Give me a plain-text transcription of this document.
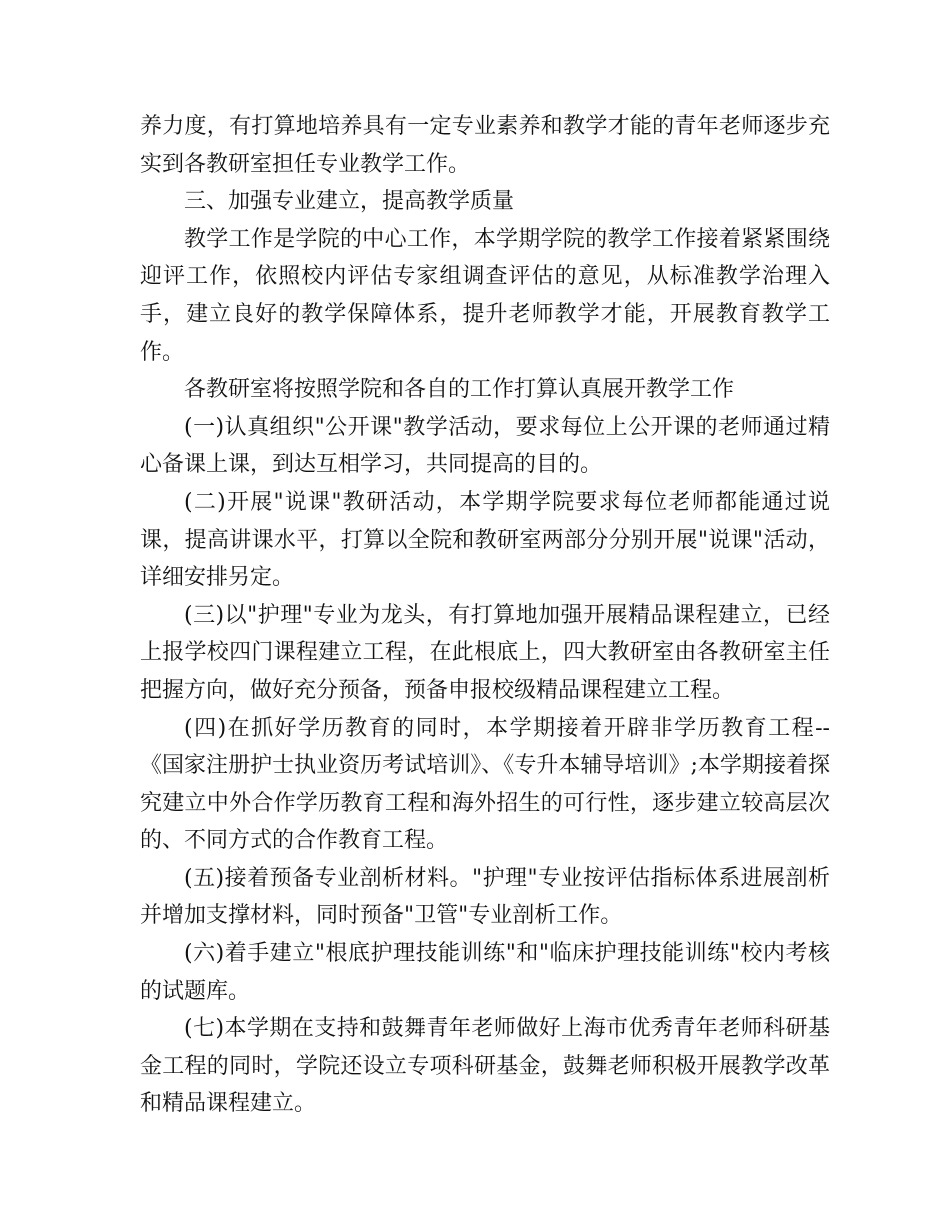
养力度，有打算地培养具有一定专业素养和教学才能的青年老师逐步充实到各教研室担任专业教学工作。

三、加强专业建立，提高教学质量

教学工作是学院的中心工作，本学期学院的教学工作接着紧紧围绕迎评工作，依照校内评估专家组调查评估的意见，从标准教学治理入手，建立良好的教学保障体系，提升老师教学才能，开展教育教学工作。

各教研室将按照学院和各自的工作打算认真展开教学工作

(一)认真组织"公开课"教学活动，要求每位上公开课的老师通过精心备课上课，到达互相学习，共同提高的目的。

(二)开展"说课"教研活动，本学期学院要求每位老师都能通过说课，提高讲课水平，打算以全院和教研室两部分分别开展"说课"活动，详细安排另定。

(三)以"护理"专业为龙头，有打算地加强开展精品课程建立，已经上报学校四门课程建立工程，在此根底上，四大教研室由各教研室主任把握方向，做好充分预备，预备申报校级精品课程建立工程。

(四)在抓好学历教育的同时，本学期接着开辟非学历教育工程--《国家注册护士执业资历考试培训》、《专升本辅导培训》;本学期接着探究建立中外合作学历教育工程和海外招生的可行性，逐步建立较高层次的、不同方式的合作教育工程。

(五)接着预备专业剖析材料。"护理"专业按评估指标体系进展剖析并增加支撑材料，同时预备"卫管"专业剖析工作。

(六)着手建立"根底护理技能训练"和"临床护理技能训练"校内考核的试题库。

(七)本学期在支持和鼓舞青年老师做好上海市优秀青年老师科研基金工程的同时，学院还设立专项科研基金，鼓舞老师积极开展教学改革和精品课程建立。
